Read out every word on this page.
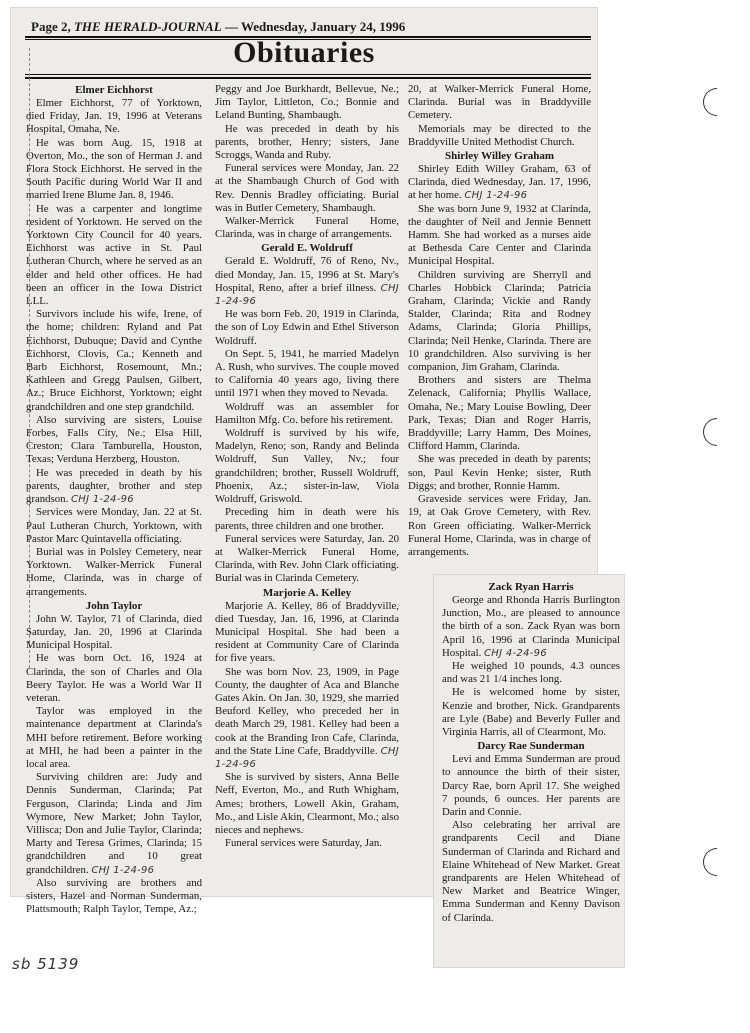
Page 2, THE HERALD-JOURNAL — Wednesday, January 24, 1996
Obituaries
Elmer Eichhorst

Elmer Eichhorst, 77 of Yorktown, died Friday, Jan. 19, 1996 at Veterans Hospital, Omaha, Ne.

He was born Aug. 15, 1918 at Overton, Mo., the son of Herman J. and Flora Stock Eichhorst. He served in the South Pacific during World War II and married Irene Blume Jan. 8, 1946.

He was a carpenter and longtime resident of Yorktown. He served on the Yorktown City Council for 40 years. Eichhorst was active in St. Paul Lutheran Church, where he served as an elder and held other offices. He had been an officer in the Iowa District LLL.

Survivors include his wife, Irene, of the home; children: Ryland and Pat Eichhorst, Dubuque; David and Cynthe Eichhorst, Clovis, Ca.; Kenneth and Barb Eichhorst, Rosemount, Mn.; Kathleen and Gregg Paulsen, Gilbert, Az.; Bruce Eichhorst, Yorktown; eight grandchildren and one step grandchild.

Also surviving are sisters, Louise Forbes, Falls City, Ne.; Elsa Hill, Creston; Clara Tamburella, Houston, Texas; Verduna Herzberg, Houston.

He was preceded in death by his parents, daughter, brother and step grandson. CHJ 1-24-96

Services were Monday, Jan. 22 at St. Paul Lutheran Church, Yorktown, with Pastor Marc Quintavella officiating.

Burial was in Polsley Cemetery, near Yorktown. Walker-Merrick Funeral Home, Clarinda, was in charge of arrangements.

John Taylor

John W. Taylor, 71 of Clarinda, died Saturday, Jan. 20, 1996 at Clarinda Municipal Hospital.

He was born Oct. 16, 1924 at Clarinda, the son of Charles and Ola Beery Taylor. He was a World War II veteran.

Taylor was employed in the maintenance department at Clarinda's MHI before retirement. Before working at MHI, he had been a painter in the local area.

Surviving children are: Judy and Dennis Sunderman, Clarinda; Pat Ferguson, Clarinda; Linda and Jim Wymore, New Market; John Taylor, Villisca; Don and Julie Taylor, Clarinda; Marty and Teresa Grimes, Clarinda; 15 grandchildren and 10 great grandchildren. CHJ 1-24-96

Also surviving are brothers and sisters, Hazel and Norman Sunderman, Plattsmouth; Ralph Taylor, Tempe, Az.;

Peggy and Joe Burkhardt, Bellevue, Ne.; Jim Taylor, Littleton, Co.; Bonnie and Leland Bunting, Shambaugh.

He was preceded in death by his parents, brother, Henry; sisters, Jane Scroggs, Wanda and Ruby.

Funeral services were Monday, Jan. 22 at the Shambaugh Church of God with Rev. Dennis Bradley officiating. Burial was in Butler Cemetery, Shambaugh.

Walker-Merrick Funeral Home, Clarinda, was in charge of arrangements.

Gerald E. Woldruff

Gerald E. Woldruff, 76 of Reno, Nv., died Monday, Jan. 15, 1996 at St. Mary's Hospital, Reno, after a brief illness. CHJ 1-24-96

He was born Feb. 20, 1919 in Clarinda, the son of Loy Edwin and Ethel Stiverson Woldruff.

On Sept. 5, 1941, he married Madelyn A. Rush, who survives. The couple moved to California 40 years ago, living there until 1971 when they moved to Nevada.

Woldruff was an assembler for Hamilton Mfg. Co. before his retirement.

Woldruff is survived by his wife, Madelyn, Reno; son, Randy and Belinda Woldruff, Sun Valley, Nv.; four grandchildren; brother, Russell Woldruff, Phoenix, Az.; sister-in-law, Viola Woldruff, Griswold.

Preceding him in death were his parents, three children and one brother.

Funeral services were Saturday, Jan. 20 at Walker-Merrick Funeral Home, Clarinda, with Rev. John Clark officiating. Burial was in Clarinda Cemetery.

Marjorie A. Kelley

Marjorie A. Kelley, 86 of Braddyville, died Tuesday, Jan. 16, 1996, at Clarinda Municipal Hospital. She had been a resident at Community Care of Clarinda for five years.

She was born Nov. 23, 1909, in Page County, the daughter of Aca and Blanche Gates Akin. On Jan. 30, 1929, she married Beuford Kelley, who preceded her in death March 29, 1981. Kelley had been a cook at the Branding Iron Cafe, Clarinda, and the State Line Cafe, Braddyville. CHJ 1-24-96

She is survived by sisters, Anna Belle Neff, Everton, Mo., and Ruth Whigham, Ames; brothers, Lowell Akin, Graham, Mo., and Lisle Akin, Clearmont, Mo.; also nieces and nephews.

Funeral services were Saturday, Jan.

20, at Walker-Merrick Funeral Home, Clarinda. Burial was in Braddyville Cemetery.

Memorials may be directed to the Braddyville United Methodist Church.

Shirley Willey Graham

Shirley Edith Willey Graham, 63 of Clarinda, died Wednesday, Jan. 17, 1996, at her home. CHJ 1-24-96

She was born June 9, 1932 at Clarinda, the daughter of Neil and Jennie Bennett Hamm. She had worked as a nurses aide at Bethesda Care Center and Clarinda Municipal Hospital.

Children surviving are Sherryll and Charles Hobbick Clarinda; Patricia Graham, Clarinda; Vickie and Randy Stalder, Clarinda; Rita and Rodney Adams, Clarinda; Gloria Phillips, Clarinda; Neil Henke, Clarinda. There are 10 grandchildren. Also surviving is her companion, Jim Graham, Clarinda.

Brothers and sisters are Thelma Zelenack, California; Phyllis Wallace, Omaha, Ne.; Mary Louise Bowling, Deer Park, Texas; Dian and Roger Harris, Braddyville; Larry Hamm, Des Moines, Clifford Hamm, Clarinda.

She was preceded in death by parents; son, Paul Kevin Henke; sister, Ruth Diggs; and brother, Ronnie Hamm.

Graveside services were Friday, Jan. 19, at Oak Grove Cemetery, with Rev. Ron Green officiating. Walker-Merrick Funeral Home, Clarinda, was in charge of arrangements.

Zack Ryan Harris

George and Rhonda Harris Burlington Junction, Mo., are pleased to announce the birth of a son. Zack Ryan was born April 16, 1996 at Clarinda Municipal Hospital. CHJ 4-24-96

He weighed 10 pounds, 4.3 ounces and was 21 1/4 inches long.

He is welcomed home by sister, Kenzie and brother, Nick. Grandparents are Lyle (Babe) and Beverly Fuller and Virginia Harris, all of Clearmont, Mo.

Darcy Rae Sunderman

Levi and Emma Sunderman are proud to announce the birth of their sister, Darcy Rae, born April 17. She weighed 7 pounds, 6 ounces. Her parents are Darin and Connie.

Also celebrating her arrival are grandparents Cecil and Diane Sunderman of Clarinda and Richard and Elaine Whitehead of New Market. Great grandparents are Helen Whitehead of New Market and Beatrice Winger, Emma Sunderman and Kenny Davison of Clarinda.

sb 5139
